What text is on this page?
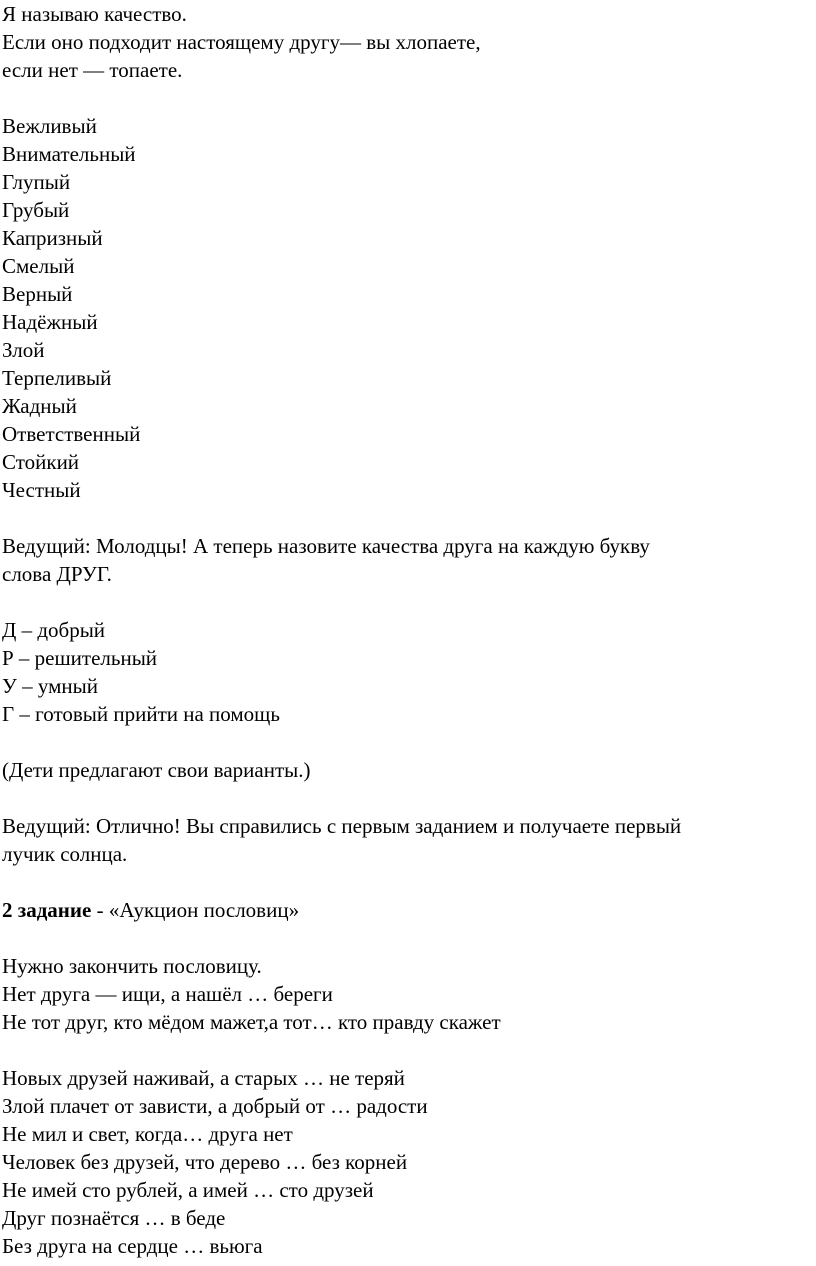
Я называю качество.
Если оно подходит настоящему другу— вы хлопаете,
если нет — топаете.
Вежливый
Внимательный
Глупый
Грубый
Капризный
Смелый
Верный
Надёжный
Злой
Терпеливый
Жадный
Ответственный
Стойкий
Честный
Ведущий: Молодцы! А теперь назовите качества друга на каждую букву
слова ДРУГ.
Д – добрый
Р – решительный
У – умный
Г – готовый прийти на помощь
(Дети предлагают свои варианты.)
Ведущий: Отлично! Вы справились с первым заданием и получаете первый
лучик солнца.
2 задание - «Аукцион пословиц»
Нужно закончить пословицу.
Нет друга — ищи, а нашёл … береги
Не тот друг, кто мёдом мажет,а тот… кто правду скажет
Новых друзей наживай, а старых … не теряй
Злой плачет от зависти, а добрый от … радости
Не мил и свет, когда… друга нет
Человек без друзей, что дерево … без корней
Не имей сто рублей, а имей … сто друзей
Друг познаётся … в беде
Без друга на сердце … вьюга
